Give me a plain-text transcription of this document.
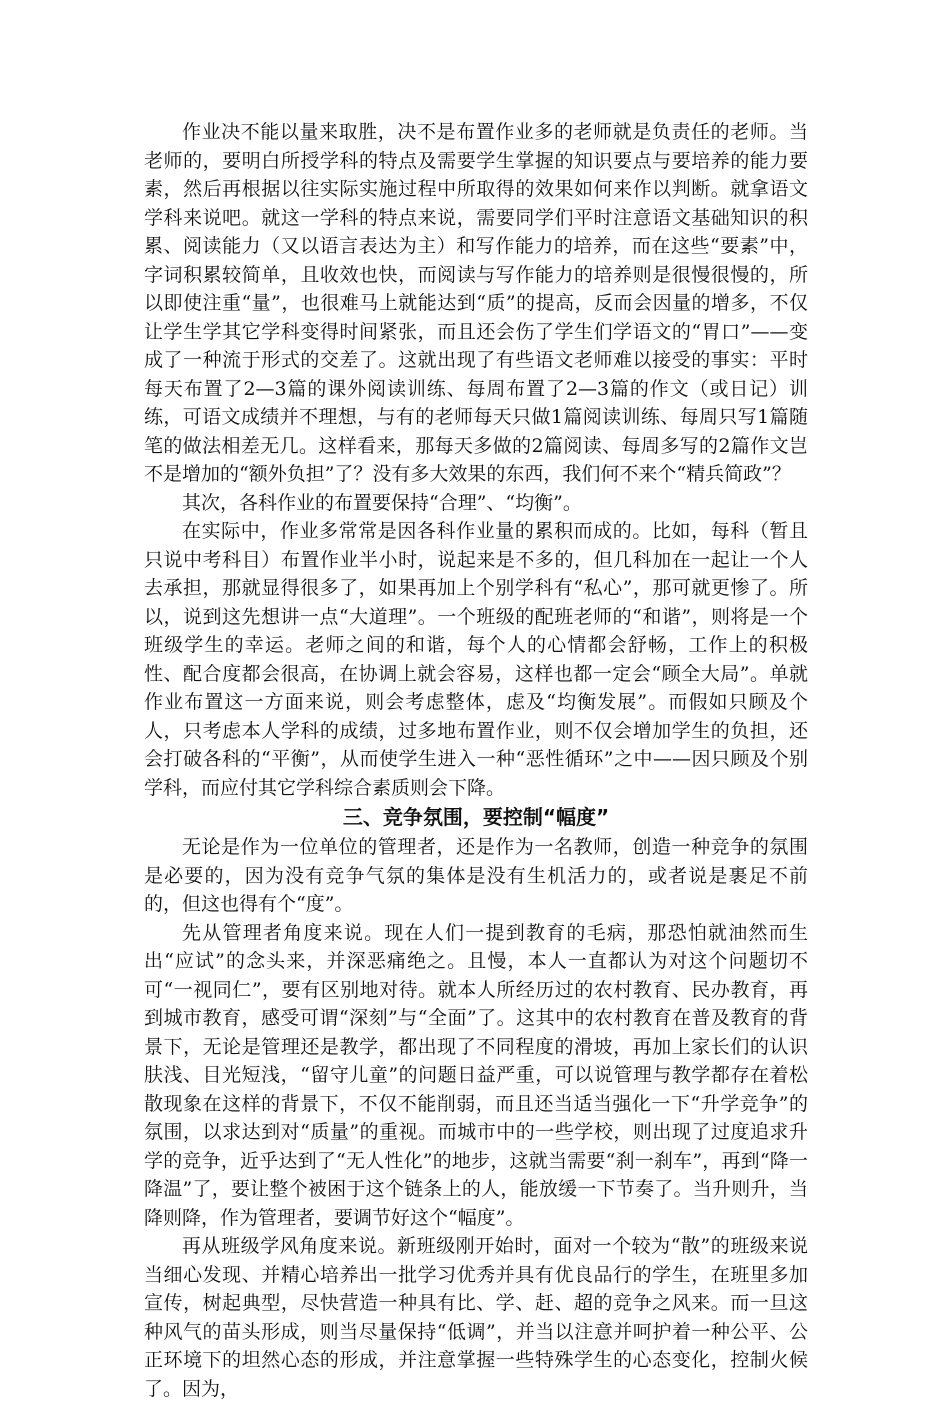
作业决不能以量来取胜，决不是布置作业多的老师就是负责任的老师。当老师的，要明白所授学科的特点及需要学生掌握的知识要点与要培养的能力要素，然后再根据以往实际实施过程中所取得的效果如何来作以判断。就拿语文学科来说吧。就这一学科的特点来说，需要同学们平时注意语文基础知识的积累、阅读能力（又以语言表达为主）和写作能力的培养，而在这些“要素”中，字词积累较简单，且收效也快，而阅读与写作能力的培养则是很慢很慢的，所以即使注重“量”，也很难马上就能达到“质”的提高，反而会因量的增多，不仅让学生学其它学科变得时间紧张，而且还会伤了学生们学语文的“胃口”——变成了一种流于形式的交差了。这就出现了有些语文老师难以接受的事实：平时每天布置了2—3篇的课外阅读训练、每周布置了2—3篇的作文（或日记）训练，可语文成绩并不理想，与有的老师每天只做1篇阅读训练、每周只写1篇随笔的做法相差无几。这样看来，那每天多做的2篇阅读、每周多写的2篇作文岂不是增加的“额外负担”了？没有多大效果的东西，我们何不来个“精兵简政”？

其次，各科作业的布置要保持“合理”、“均衡”。

在实际中，作业多常常是因各科作业量的累积而成的。比如，每科（暂且只说中考科目）布置作业半小时，说起来是不多的，但几科加在一起让一个人去承担，那就显得很多了，如果再加上个别学科有“私心”，那可就更惨了。所以，说到这先想讲一点“大道理”。一个班级的配班老师的“和谐”，则将是一个班级学生的幸运。老师之间的和谐，每个人的心情都会舒畅，工作上的积极性、配合度都会很高，在协调上就会容易，这样也都一定会“顾全大局”。单就作业布置这一方面来说，则会考虑整体，虑及“均衡发展”。而假如只顾及个人，只考虑本人学科的成绩，过多地布置作业，则不仅会增加学生的负担，还会打破各科的“平衡”，从而使学生进入一种“恶性循环”之中——因只顾及个别学科，而应付其它学科综合素质则会下降。

三、竞争氛围，要控制“幅度”

无论是作为一位单位的管理者，还是作为一名教师，创造一种竞争的氛围是必要的，因为没有竞争气氛的集体是没有生机活力的，或者说是裹足不前的，但这也得有个“度”。

先从管理者角度来说。现在人们一提到教育的毛病，那恐怕就油然而生出“应试”的念头来，并深恶痛绝之。且慢，本人一直都认为对这个问题切不可“一视同仁”，要有区别地对待。就本人所经历过的农村教育、民办教育，再到城市教育，感受可谓“深刻”与“全面”了。这其中的农村教育在普及教育的背景下，无论是管理还是教学，都出现了不同程度的滑坡，再加上家长们的认识肤浅、目光短浅，“留守儿童”的问题日益严重，可以说管理与教学都存在着松散现象在这样的背景下，不仅不能削弱，而且还当适当强化一下“升学竞争”的氛围，以求达到对“质量”的重视。而城市中的一些学校，则出现了过度追求升学的竞争，近乎达到了“无人性化”的地步，这就当需要“刹一刹车”，再到“降一降温”了，要让整个被困于这个链条上的人，能放缓一下节奏了。当升则升，当降则降，作为管理者，要调节好这个“幅度”。

再从班级学风角度来说。新班级刚开始时，面对一个较为“散”的班级来说当细心发现、并精心培养出一批学习优秀并具有优良品行的学生，在班里多加宣传，树起典型，尽快营造一种具有比、学、赶、超的竞争之风来。而一旦这种风气的苗头形成，则当尽量保持“低调”，并当以注意并呵护着一种公平、公正环境下的坦然心态的形成，并注意掌握一些特殊学生的心态变化，控制火候了。因为，
